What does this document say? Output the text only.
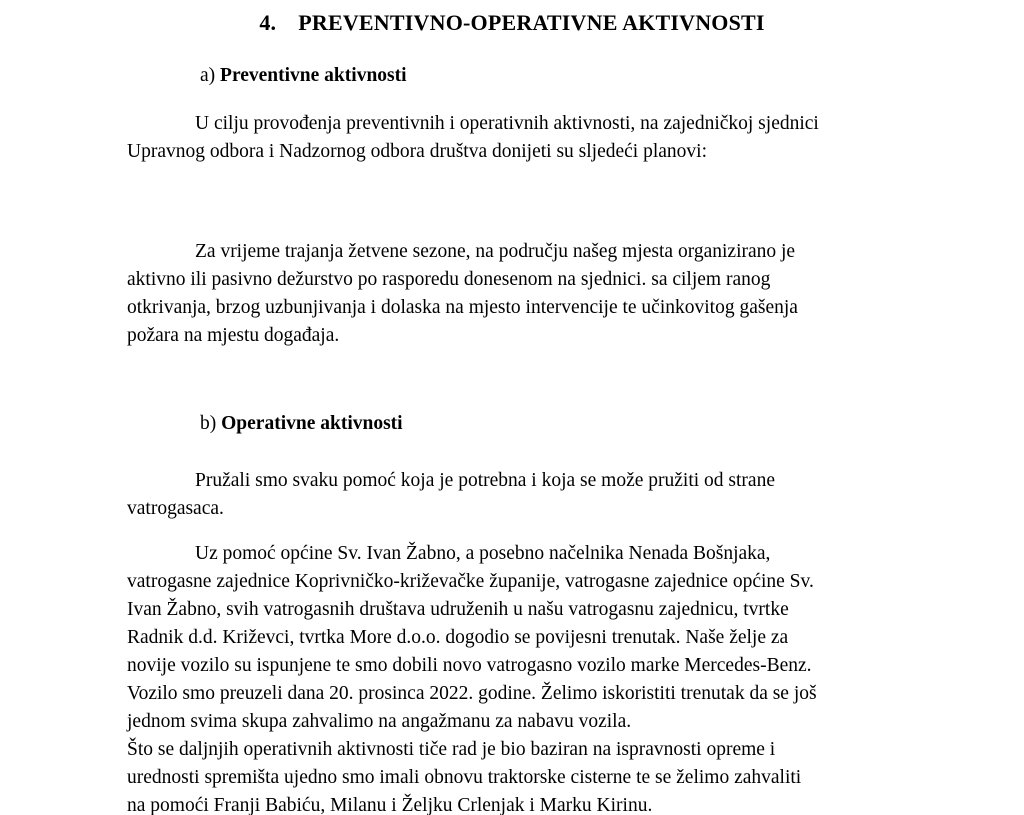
4. PREVENTIVNO-OPERATIVNE AKTIVNOSTI
a) Preventivne aktivnosti
U cilju provođenja preventivnih i operativnih aktivnosti, na zajedničkoj sjednici
Upravnog odbora i Nadzornog odbora društva donijeti su sljedeći planovi:
Za vrijeme trajanja žetvene sezone, na području našeg mjesta organizirano je
aktivno ili pasivno dežurstvo po rasporedu donesenom na sjednici. sa ciljem ranog
otkrivanja, brzog uzbunjivanja i dolaska na mjesto intervencije te učinkovitog gašenja
požara na mjestu događaja.
b) Operativne aktivnosti
Pružali smo svaku pomoć koja je potrebna i koja se može pružiti od strane
vatrogasaca.
Uz pomoć općine Sv. Ivan Žabno, a posebno načelnika Nenada Bošnjaka,
vatrogasne zajednice Koprivničko-križevačke županije, vatrogasne zajednice općine Sv.
Ivan Žabno, svih vatrogasnih društava udruženih u našu vatrogasnu zajednicu, tvrtke
Radnik d.d. Križevci, tvrtka More d.o.o. dogodio se povijesni trenutak. Naše želje za
novije vozilo su ispunjene te smo dobili novo vatrogasno vozilo marke Mercedes-Benz.
Vozilo smo preuzeli dana 20. prosinca 2022. godine. Želimo iskoristiti trenutak da se još
jednom svima skupa zahvalimo na angažmanu za nabavu vozila.
Što se daljnjih operativnih aktivnosti tiče rad je bio baziran na ispravnosti opreme i
urednosti spremišta ujedno smo imali obnovu traktorske cisterne te se želimo zahvaliti
na pomoći Franji Babiću, Milanu i Željku Crlenjak i Marku Kirinu.
